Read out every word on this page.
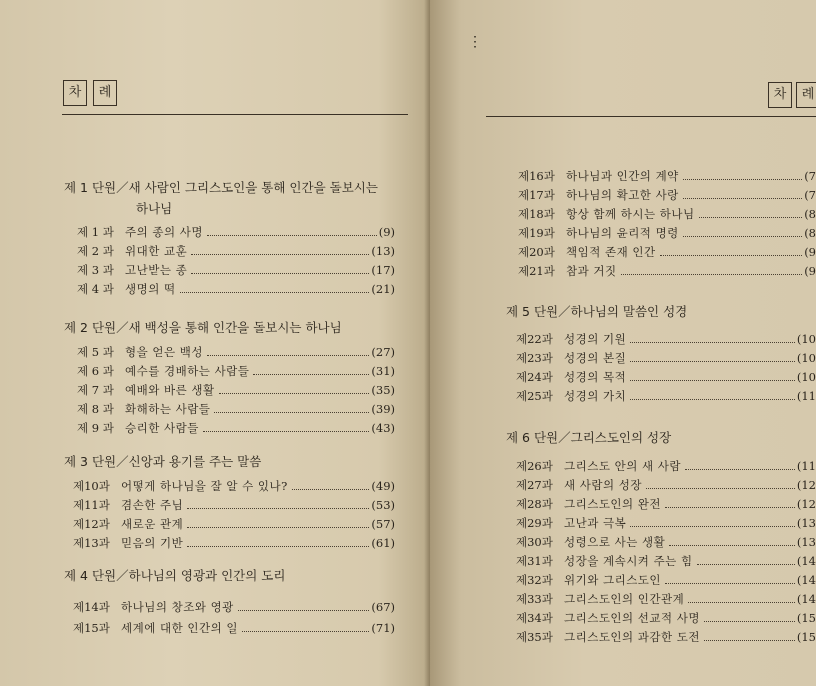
차	례
제 1 단원／새 사람인 그리스도인을 통해 인간을 돌보시는
하나님
제 1 과 주의 종의 사명	(9)
제 2 과 위대한 교훈	(13)
제 3 과 고난받는 종	(17)
제 4 과 생명의 떡	(21)
제 2 단원／새 백성을 통해 인간을 돌보시는 하나님
제 5 과 형을 얻은 백성	(27)
제 6 과 예수를 경배하는 사람들	(31)
제 7 과 예배와 바른 생활	(35)
제 8 과 화해하는 사람들	(39)
제 9 과 승리한 사람들	(43)
제 3 단원／신앙과 용기를 주는 말씀
제10과 어떻게 하나님을 잘 알 수 있나?	(49)
제11과 겸손한 주님	(53)
제12과 새로운 관계	(57)
제13과 믿음의 기반	(61)
제 4 단원／하나님의 영광과 인간의 도리
제14과 하나님의 창조와 영광	(67)
제15과 세계에 대한 인간의 일	(71)
⋮
차	례
제16과 하나님과 인간의 계약	(7
제17과 하나님의 확고한 사랑	(7
제18과 항상 함께 하시는 하나님	(8
제19과 하나님의 윤리적 명령	(8
제20과 책임적 존재 인간	(9
제21과 참과 거짓	(9
제 5 단원／하나님의 말씀인 성경
제22과 성경의 기원	(10
제23과 성경의 본질	(10
제24과 성경의 목적	(10
제25과 성경의 가치	(11
제 6 단원／그리스도인의 성장
제26과 그리스도 안의 새 사람	(11
제27과 새 사람의 성장	(12
제28과 그리스도인의 완전	(12
제29과 고난과 극복	(13
제30과 성령으로 사는 생활	(13
제31과 성장을 계속시켜 주는 힘	(14
제32과 위기와 그리스도인	(14
제33과 그리스도인의 인간관계	(14
제34과 그리스도인의 선교적 사명	(15
제35과 그리스도인의 과감한 도전	(15
